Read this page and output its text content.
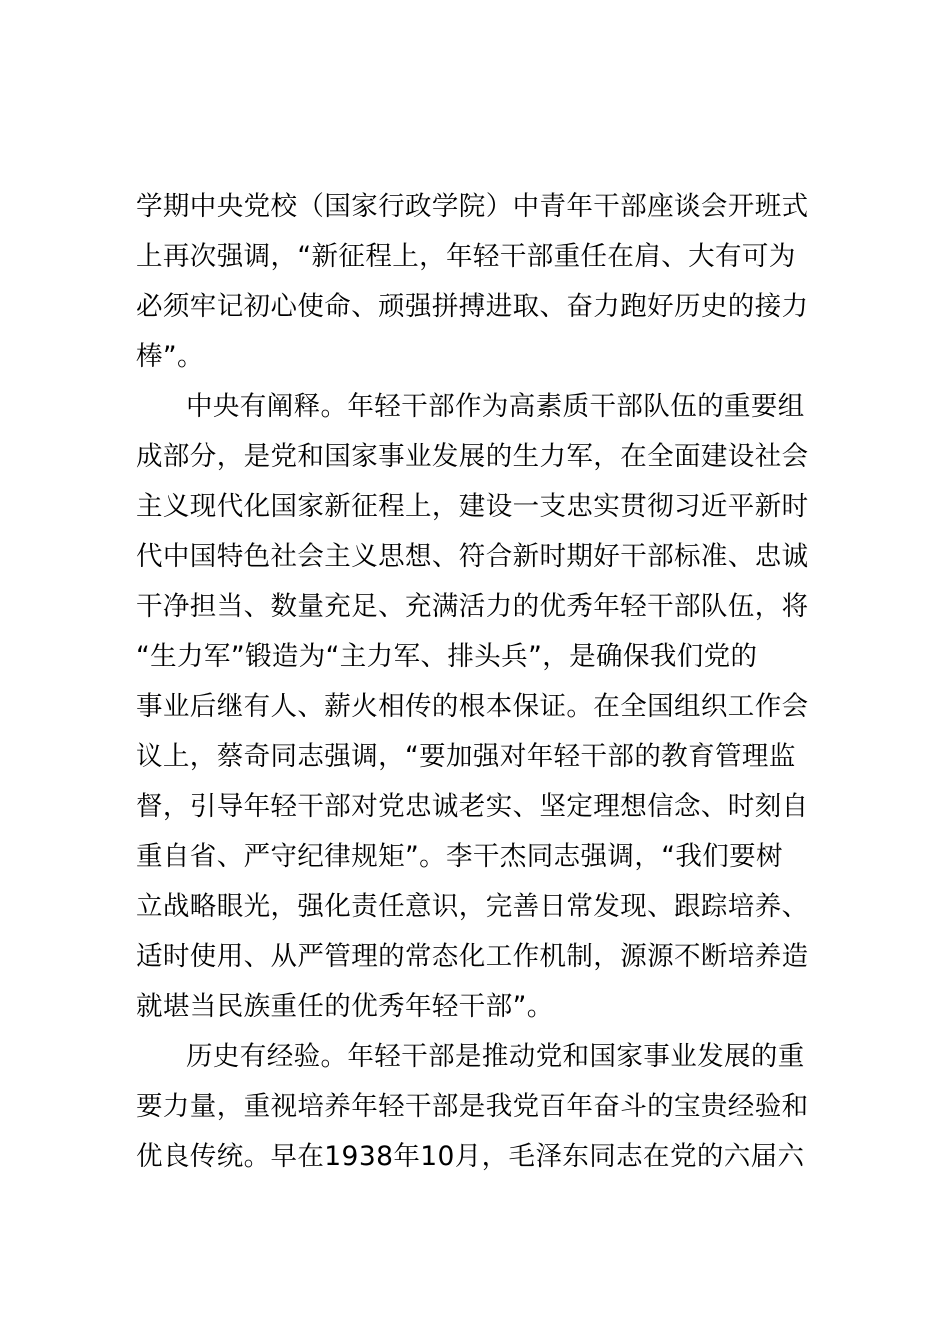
学期中央党校（国家行政学院）中青年干部座谈会开班式
上再次强调，“新征程上，年轻干部重任在肩、大有可为
必须牢记初心使命、顽强拼搏进取、奋力跑好历史的接力
棒”。
中央有阐释。年轻干部作为高素质干部队伍的重要组
成部分，是党和国家事业发展的生力军，在全面建设社会
主义现代化国家新征程上，建设一支忠实贯彻习近平新时
代中国特色社会主义思想、符合新时期好干部标准、忠诚
干净担当、数量充足、充满活力的优秀年轻干部队伍，将
“生力军”锻造为“主力军、排头兵”，是确保我们党的
事业后继有人、薪火相传的根本保证。在全国组织工作会
议上，蔡奇同志强调，“要加强对年轻干部的教育管理监
督，引导年轻干部对党忠诚老实、坚定理想信念、时刻自
重自省、严守纪律规矩”。李干杰同志强调，“我们要树
立战略眼光，强化责任意识，完善日常发现、跟踪培养、
适时使用、从严管理的常态化工作机制，源源不断培养造
就堪当民族重任的优秀年轻干部”。
历史有经验。年轻干部是推动党和国家事业发展的重
要力量，重视培养年轻干部是我党百年奋斗的宝贵经验和
优良传统。早在1938年10月，毛泽东同志在党的六届六
